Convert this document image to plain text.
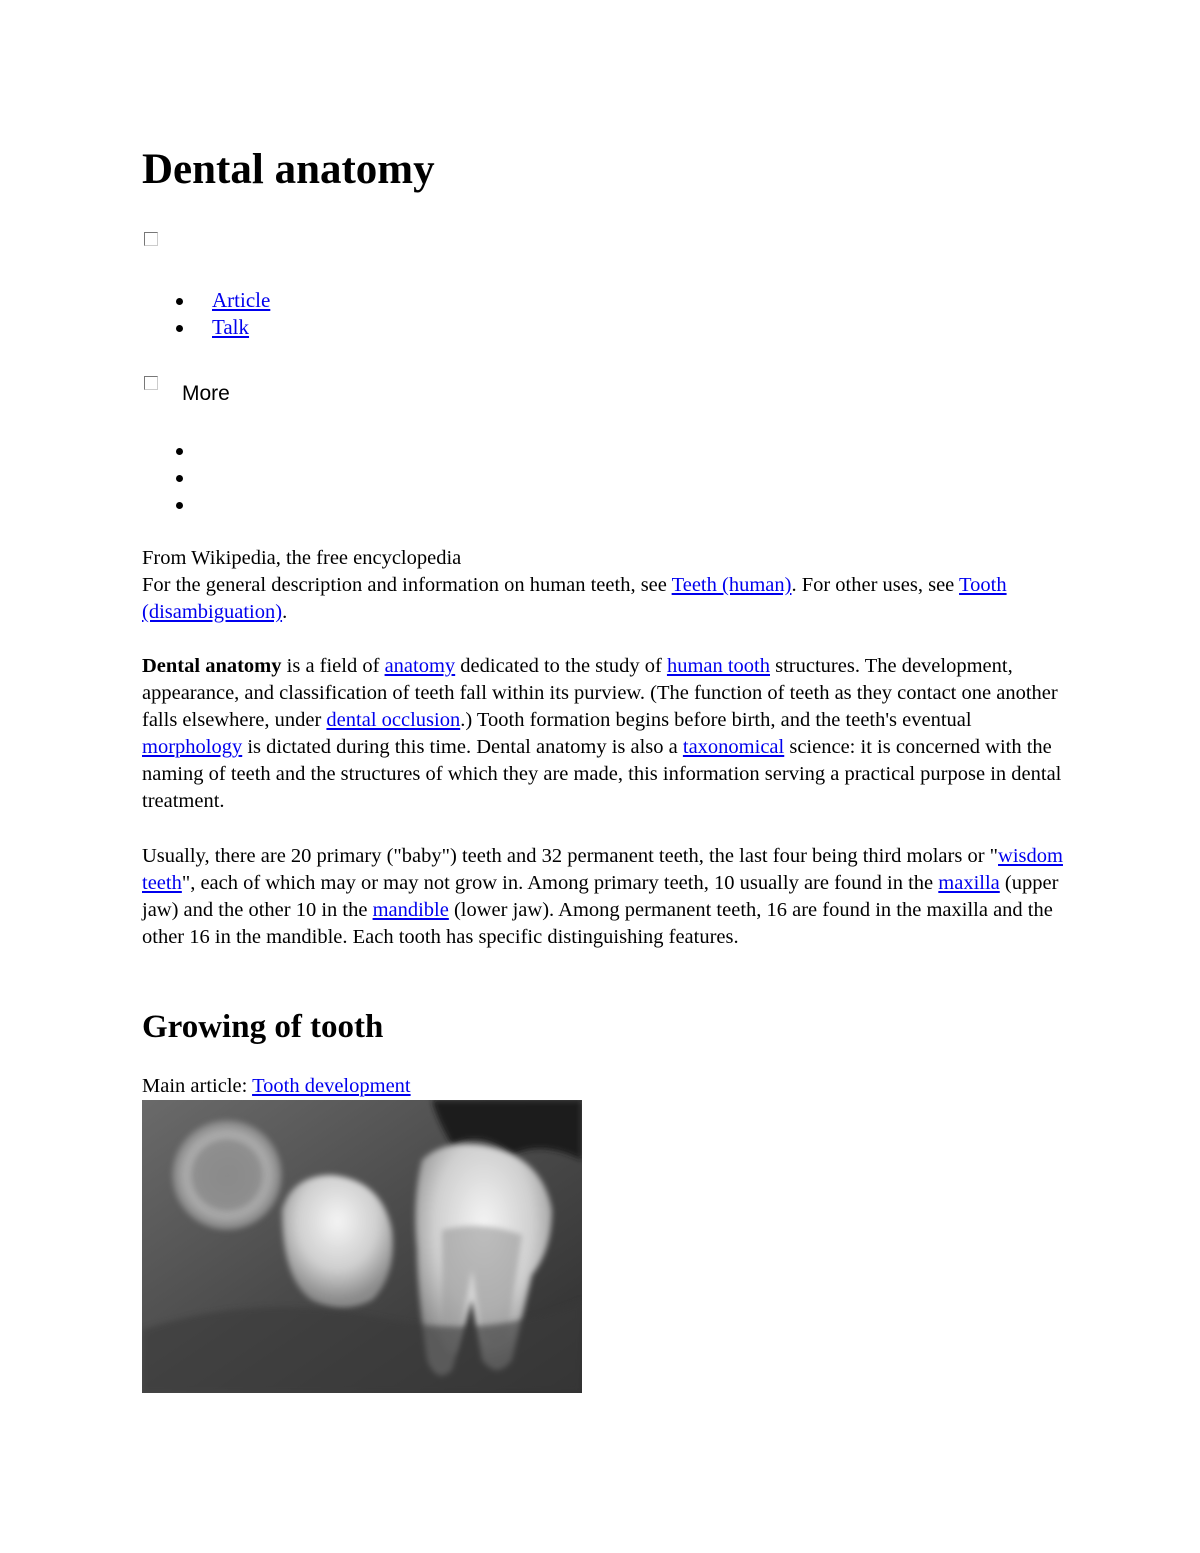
Dental anatomy
Article
Talk
More
From Wikipedia, the free encyclopedia
For the general description and information on human teeth, see Teeth (human). For other uses, see Tooth (disambiguation).

Dental anatomy is a field of anatomy dedicated to the study of human tooth structures. The development, appearance, and classification of teeth fall within its purview. (The function of teeth as they contact one another falls elsewhere, under dental occlusion.) Tooth formation begins before birth, and the teeth's eventual morphology is dictated during this time. Dental anatomy is also a taxonomical science: it is concerned with the naming of teeth and the structures of which they are made, this information serving a practical purpose in dental treatment.

Usually, there are 20 primary ("baby") teeth and 32 permanent teeth, the last four being third molars or "wisdom teeth", each of which may or may not grow in. Among primary teeth, 10 usually are found in the maxilla (upper jaw) and the other 10 in the mandible (lower jaw). Among permanent teeth, 16 are found in the maxilla and the other 16 in the mandible. Each tooth has specific distinguishing features.

Growing of tooth
Main article: Tooth development
